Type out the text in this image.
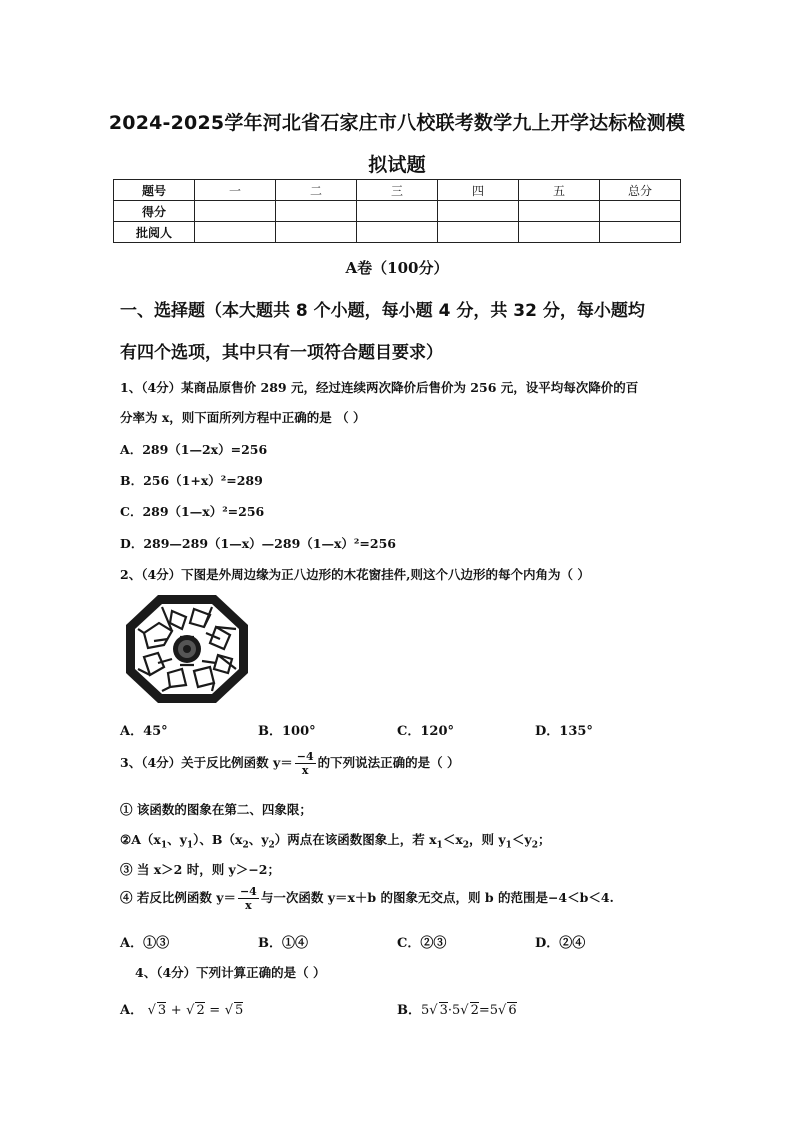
2024-2025学年河北省石家庄市八校联考数学九上开学达标检测模
拟试题
题号	一	二	三	四	五	总分
得分						
批阅人						
A卷（100分）
一、选择题（本大题共 8 个小题，每小题 4 分，共 32 分，每小题均
有四个选项，其中只有一项符合题目要求）
1、（4分）某商品原售价 289 元，经过连续两次降价后售价为 256 元，设平均每次降价的百
分率为 x，则下面所列方程中正确的是 （ ）
A．289（1—2x）=256
B．256（1+x）²=289
C．289（1—x）²=256
D．289—289（1—x）—289（1—x）²=256
2、（4分）下图是外周边缘为正八边形的木花窗挂件,则这个八边形的每个内角为（ ）
A．45°	B．100°	C．120°	D．135°
3、（4分）关于反比例函数 $y= \frac{-4}{x}$ 的下列说法正确的是（ ）
① 该函数的图象在第二、四象限；
$②A(x_1$、$y_1$）、$B(x_2$、$y_2$）两点在该函数图象上，若 $x_1<x_2$，则 $y_1<y_2$；
③ 当 x＞2 时，则 y＞−2；
④ 若反比例函数 $y= \frac{-4}{x}$ 与一次函数 y＝x＋b 的图象无交点，则 b 的范围是−4＜b＜4.
A．①③	B．①④	C．②③	D．②④
4、（4分）下列计算正确的是（ ）
A． √ 3 + √ 2 = √ 5	B．5√ 3·5√ 2=5√ 6
